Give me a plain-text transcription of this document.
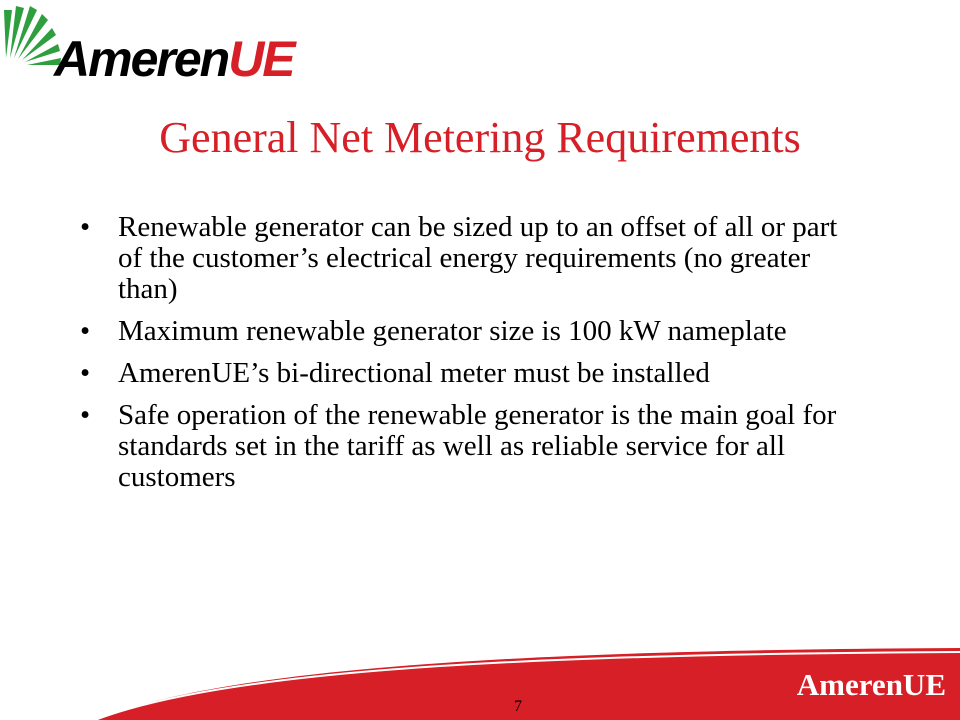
AmerenUE
General Net Metering Requirements
• Renewable generator can be sized up to an offset of all or part of the customer’s electrical energy requirements (no greater than)
• Maximum renewable generator size is 100 kW nameplate
• AmerenUE’s bi-directional meter must be installed
• Safe operation of the renewable generator is the main goal for standards set in the tariff as well as reliable service for all customers
AmerenUE
7
